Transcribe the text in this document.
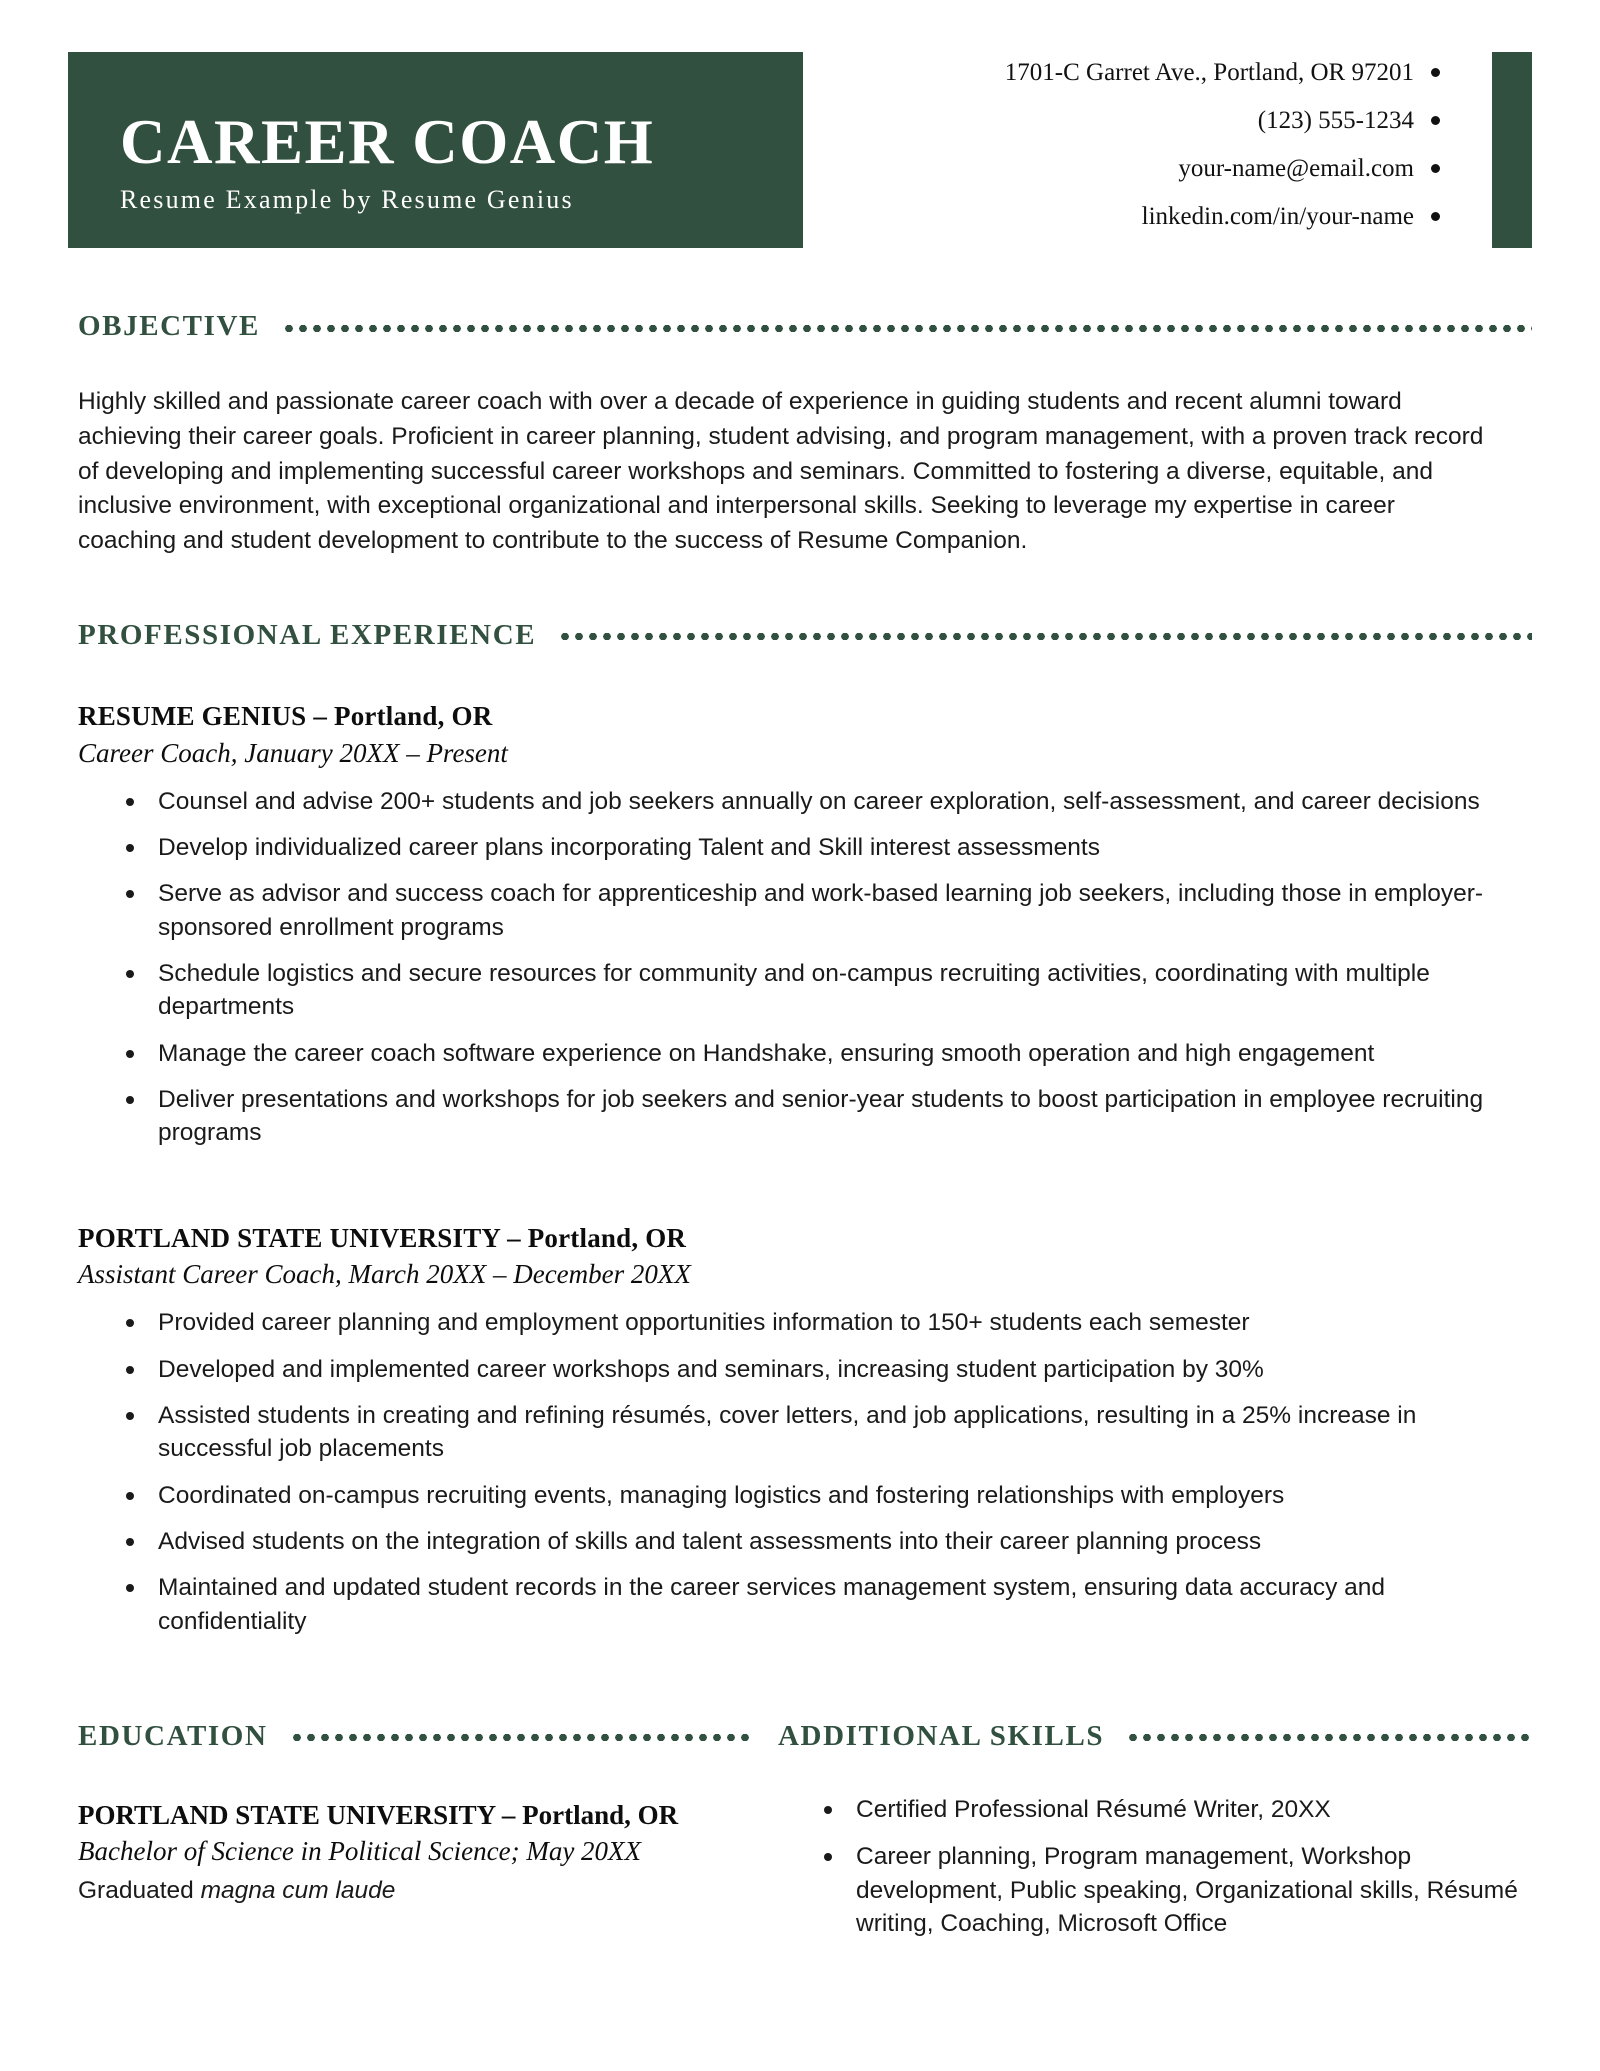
CAREER COACH
Resume Example by Resume Genius
1701-C Garret Ave., Portland, OR 97201
(123) 555-1234
your-name@email.com
linkedin.com/in/your-name
OBJECTIVE
Highly skilled and passionate career coach with over a decade of experience in guiding students and recent alumni toward achieving their career goals. Proficient in career planning, student advising, and program management, with a proven track record of developing and implementing successful career workshops and seminars. Committed to fostering a diverse, equitable, and inclusive environment, with exceptional organizational and interpersonal skills. Seeking to leverage my expertise in career coaching and student development to contribute to the success of Resume Companion.
PROFESSIONAL EXPERIENCE
RESUME GENIUS – Portland, OR
Career Coach, January 20XX – Present
Counsel and advise 200+ students and job seekers annually on career exploration, self-assessment, and career decisions
Develop individualized career plans incorporating Talent and Skill interest assessments
Serve as advisor and success coach for apprenticeship and work-based learning job seekers, including those in employer-sponsored enrollment programs
Schedule logistics and secure resources for community and on-campus recruiting activities, coordinating with multiple departments
Manage the career coach software experience on Handshake, ensuring smooth operation and high engagement
Deliver presentations and workshops for job seekers and senior-year students to boost participation in employee recruiting programs
PORTLAND STATE UNIVERSITY – Portland, OR
Assistant Career Coach, March 20XX – December 20XX
Provided career planning and employment opportunities information to 150+ students each semester
Developed and implemented career workshops and seminars, increasing student participation by 30%
Assisted students in creating and refining résumés, cover letters, and job applications, resulting in a 25% increase in successful job placements
Coordinated on-campus recruiting events, managing logistics and fostering relationships with employers
Advised students on the integration of skills and talent assessments into their career planning process
Maintained and updated student records in the career services management system, ensuring data accuracy and confidentiality
EDUCATION
PORTLAND STATE UNIVERSITY – Portland, OR
Bachelor of Science in Political Science; May 20XX
Graduated magna cum laude
ADDITIONAL SKILLS
Certified Professional Résumé Writer, 20XX
Career planning, Program management, Workshop development, Public speaking, Organizational skills, Résumé writing, Coaching, Microsoft Office
